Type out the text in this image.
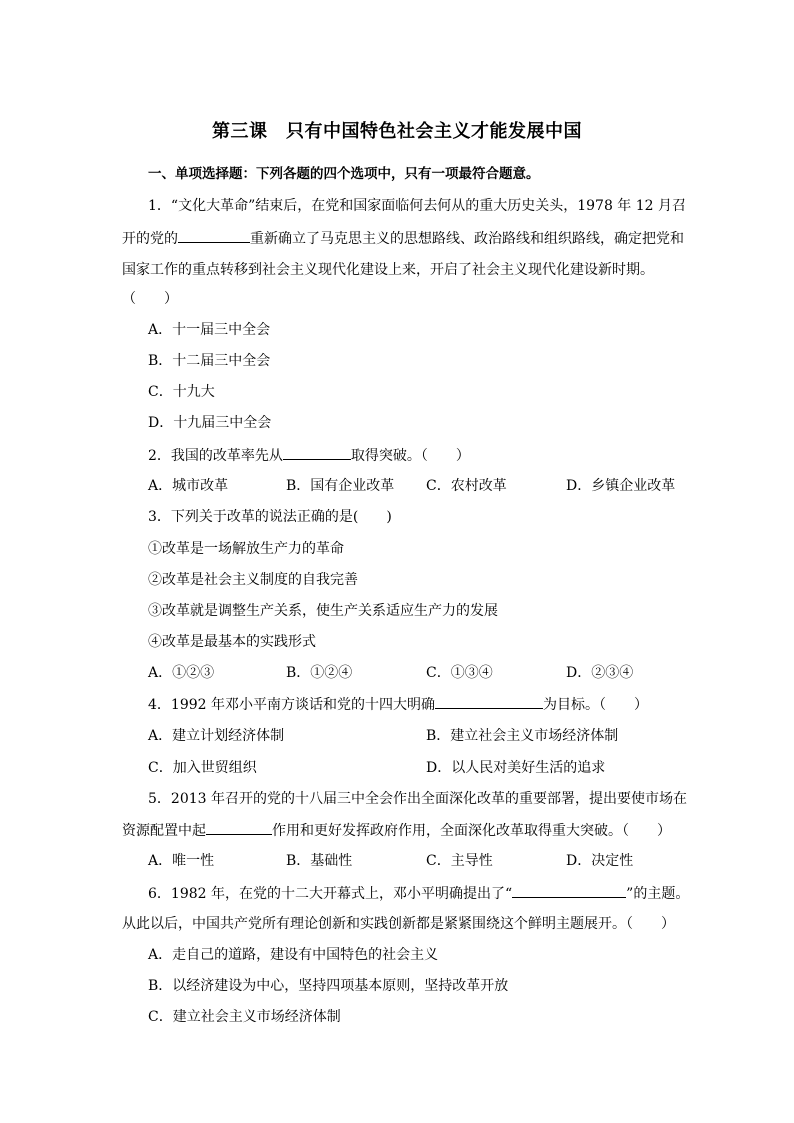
第三课　只有中国特色社会主义才能发展中国
一、单项选择题：下列各题的四个选项中，只有一项最符合题意。
1．“文化大革命”结束后，在党和国家面临何去何从的重大历史关头，1978 年 12 月召
开的党的	重新确立了马克思主义的思想路线、政治路线和组织路线，确定把党和
国家工作的重点转移到社会主义现代化建设上来，开启了社会主义现代化建设新时期。
（　　）
A．十一届三中全会
B．十二届三中全会
C．十九大
D．十九届三中全会
2．我国的改革率先从	取得突破。（　　）
A．城市改革	B．国有企业改革 C．农村改革	D．乡镇企业改革
3．下列关于改革的说法正确的是(　　)
①改革是一场解放生产力的革命
②改革是社会主义制度的自我完善
③改革就是调整生产关系，使生产关系适应生产力的发展
④改革是最基本的实践形式
A．①②③	B．①②④	C．①③④	D．②③④
4．1992 年邓小平南方谈话和党的十四大明确	为目标。（　　）
A．建立计划经济体制	B．建立社会主义市场经济体制
C．加入世贸组织	D．以人民对美好生活的追求
5．2013 年召开的党的十八届三中全会作出全面深化改革的重要部署，提出要使市场在
资源配置中起	作用和更好发挥政府作用，全面深化改革取得重大突破。（　　）
A．唯一性	B．基础性	C．主导性	D．决定性
6．1982 年，在党的十二大开幕式上，邓小平明确提出了“	”的主题。
从此以后，中国共产党所有理论创新和实践创新都是紧紧围绕这个鲜明主题展开。（　　）
A．走自己的道路，建设有中国特色的社会主义
B．以经济建设为中心，坚持四项基本原则，坚持改革开放
C．建立社会主义市场经济体制
